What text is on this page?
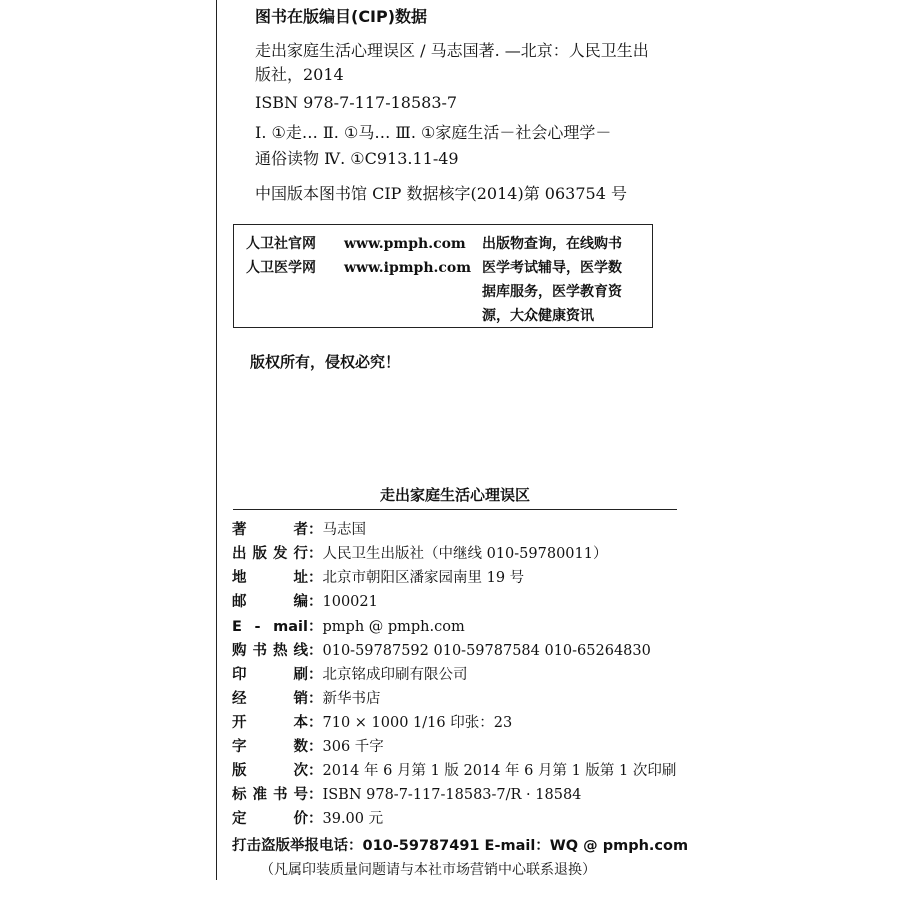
图书在版编目(CIP)数据
走出家庭生活心理误区 / 马志国著. —北京：人民卫生出
版社，2014
ISBN 978-7-117-18583-7
Ⅰ. ①走… Ⅱ. ①马… Ⅲ. ①家庭生活－社会心理学－
通俗读物 Ⅳ. ①C913.11-49
中国版本图书馆 CIP 数据核字(2014)第 063754 号
人卫社官网 www.pmph.com
人卫医学网 www.ipmph.com
出版物查询，在线购书
医学考试辅导，医学数
据库服务，医学教育资
源，大众健康资讯
版权所有，侵权必究！
走出家庭生活心理误区
著者：马志国
出版发行：人民卫生出版社（中继线 010-59780011）
地址：北京市朝阳区潘家园南里 19 号
邮编：100021
E - mail：pmph @ pmph.com
购书热线：010-59787592 010-59787584 010-65264830
印刷：北京铭成印刷有限公司
经销：新华书店
开本：710 × 1000 1/16 印张：23
字数：306 千字
版次：2014 年 6 月第 1 版 2014 年 6 月第 1 版第 1 次印刷
标准书号：ISBN 978-7-117-18583-7/R · 18584
定价：39.00 元
打击盗版举报电话：010-59787491 E-mail：WQ @ pmph.com
（凡属印装质量问题请与本社市场营销中心联系退换）
